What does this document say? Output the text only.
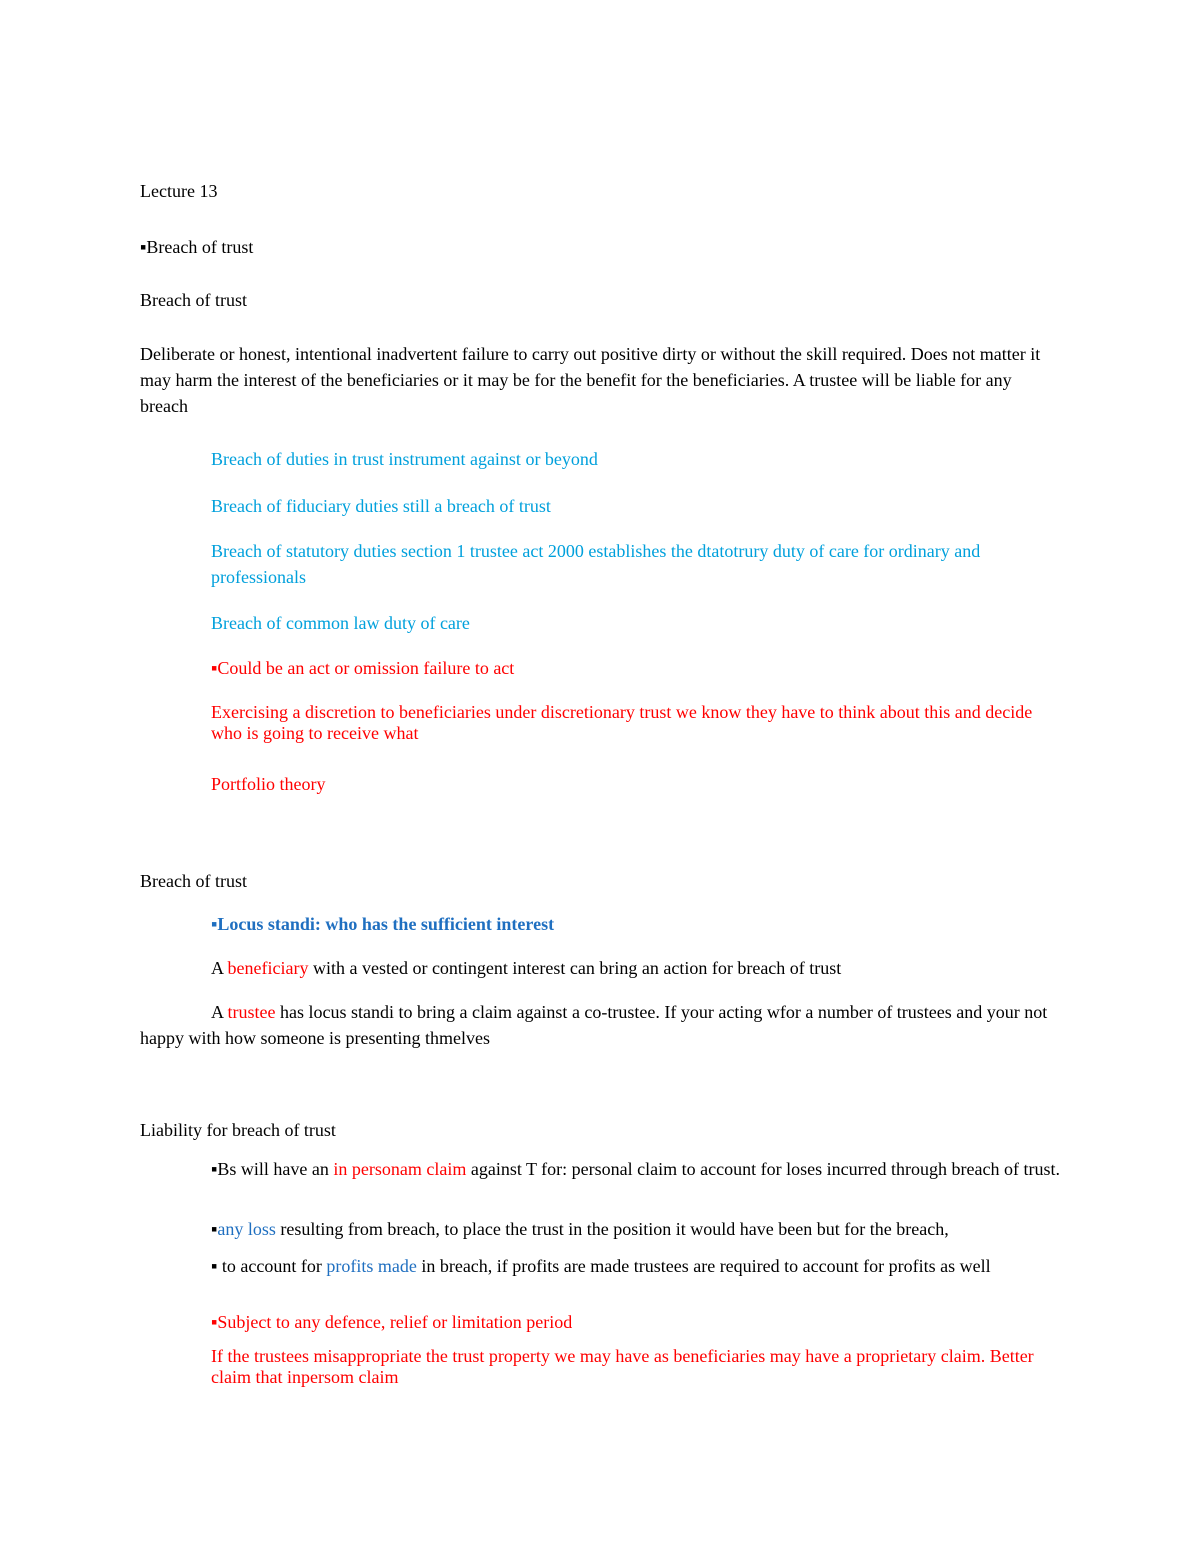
Lecture 13

▪Breach of trust

Breach of trust

Deliberate or honest, intentional inadvertent failure to carry out positive dirty or without the skill required. Does not matter it may harm the interest of the beneficiaries or it may be for the benefit for the beneficiaries. A trustee will be liable for any breach

Breach of duties in trust instrument against or beyond

Breach of fiduciary duties still a breach of trust

Breach of statutory duties section 1 trustee act 2000 establishes the dtatotrury duty of care for ordinary and professionals

Breach of common law duty of care

▪Could be an act or omission failure to act

Exercising a discretion to beneficiaries under discretionary trust we know they have to think about this and decide who is going to receive what

Portfolio theory

Breach of trust

▪Locus standi: who has the sufficient interest

A beneficiary with a vested or contingent interest can bring an action for breach of trust

A trustee has locus standi to bring a claim against a co-trustee. If your acting wfor a number of trustees and your not happy with how someone is presenting thmelves

Liability for breach of trust

▪Bs will have an in personam claim against T for: personal claim to account for loses incurred through breach of trust.

▪any loss resulting from breach, to place the trust in the position it would have been but for the breach,

▪ to account for profits made in breach, if profits are made trustees are required to account for profits as well

▪Subject to any defence, relief or limitation period

If the trustees misappropriate the trust property we may have as beneficiaries may have a proprietary claim. Better claim that inpersom claim
